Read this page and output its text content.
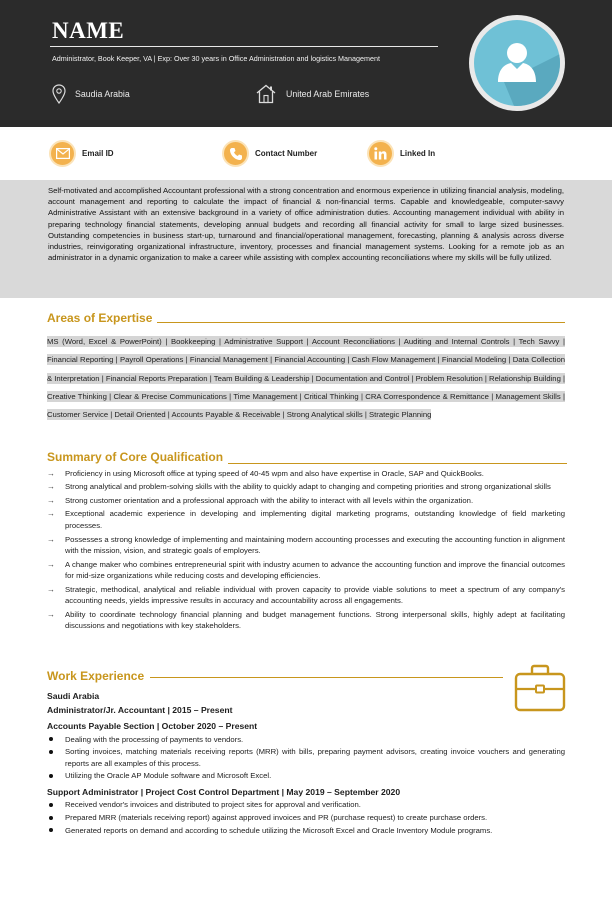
NAME
Administrator, Book Keeper, VA | Exp: Over 30 years in Office Administration and logistics Management
Saudia Arabia	United Arab Emirates
Email ID	Contact Number	Linked In
Self-motivated and accomplished Accountant professional with a strong concentration and enormous experience in utilizing financial analysis, modeling, account management and reporting to calculate the impact of financial & non-financial terms. Capable and knowledgeable, computer-savvy Administrative Assistant with an extensive background in a variety of office administration duties. Accounting management individual with ability in preparing technology financial statements, developing annual budgets and recording all financial activity for small to large sized businesses. Outstanding competencies in business start-up, turnaround and financial/operational management, forecasting, planning & analysis across diverse industries, reinvigorating organizational infrastructure, inventory, processes and financial management systems. Looking for a remote job as an administrator in a dynamic organization to make a career while assisting with complex accounting reconciliations where my skills will be fully utilized.
Areas of Expertise
MS (Word, Excel & PowerPoint) | Bookkeeping | Administrative Support | Account Reconciliations | Auditing and Internal Controls | Tech Savvy | Financial Reporting | Payroll Operations | Financial Management | Financial Accounting | Cash Flow Management | Financial Modeling | Data Collection & Interpretation | Financial Reports Preparation | Team Building & Leadership | Documentation and Control | Problem Resolution | Relationship Building | Creative Thinking | Clear & Precise Communications | Time Management | Critical Thinking | CRA Correspondence & Remittance | Management Skills | Customer Service | Detail Oriented | Accounts Payable & Receivable | Strong Analytical skills | Strategic Planning
Summary of Core Qualification
→ Proficiency in using Microsoft office at typing speed of 40-45 wpm and also have expertise in Oracle, SAP and QuickBooks.
→ Strong analytical and problem-solving skills with the ability to quickly adapt to changing and competing priorities and strong organizational skills
→ Strong customer orientation and a professional approach with the ability to interact with all levels within the organization.
→ Exceptional academic experience in developing and implementing digital marketing programs, outstanding knowledge of field marketing processes.
→ Possesses a strong knowledge of implementing and maintaining modern accounting processes and executing the accounting function in alignment with the mission, vision, and strategic goals of employers.
→ A change maker who combines entrepreneurial spirit with industry acumen to advance the accounting function and improve the financial outcomes for mid-size organizations while reducing costs and developing efficiencies.
→ Strategic, methodical, analytical and reliable individual with proven capacity to provide viable solutions to meet a spectrum of any company's accounting needs, yields impressive results in accuracy and accountability across all engagements.
→ Ability to coordinate technology financial planning and budget management functions. Strong interpersonal skills, highly adept at facilitating discussions and negotiations with key stakeholders.
Work Experience
Saudi Arabia
Administrator/Jr. Accountant | 2015 – Present
Accounts Payable Section | October 2020 – Present
Dealing with the processing of payments to vendors.
Sorting invoices, matching materials receiving reports (MRR) with bills, preparing payment advisors, creating invoice vouchers and generating reports are all examples of this process.
Utilizing the Oracle AP Module software and Microsoft Excel.
Support Administrator | Project Cost Control Department | May 2019 – September 2020
Received vendor's invoices and distributed to project sites for approval and verification.
Prepared MRR (materials receiving report) against approved invoices and PR (purchase request) to create purchase orders.
Generated reports on demand and according to schedule utilizing the Microsoft Excel and Oracle Inventory Module programs.
